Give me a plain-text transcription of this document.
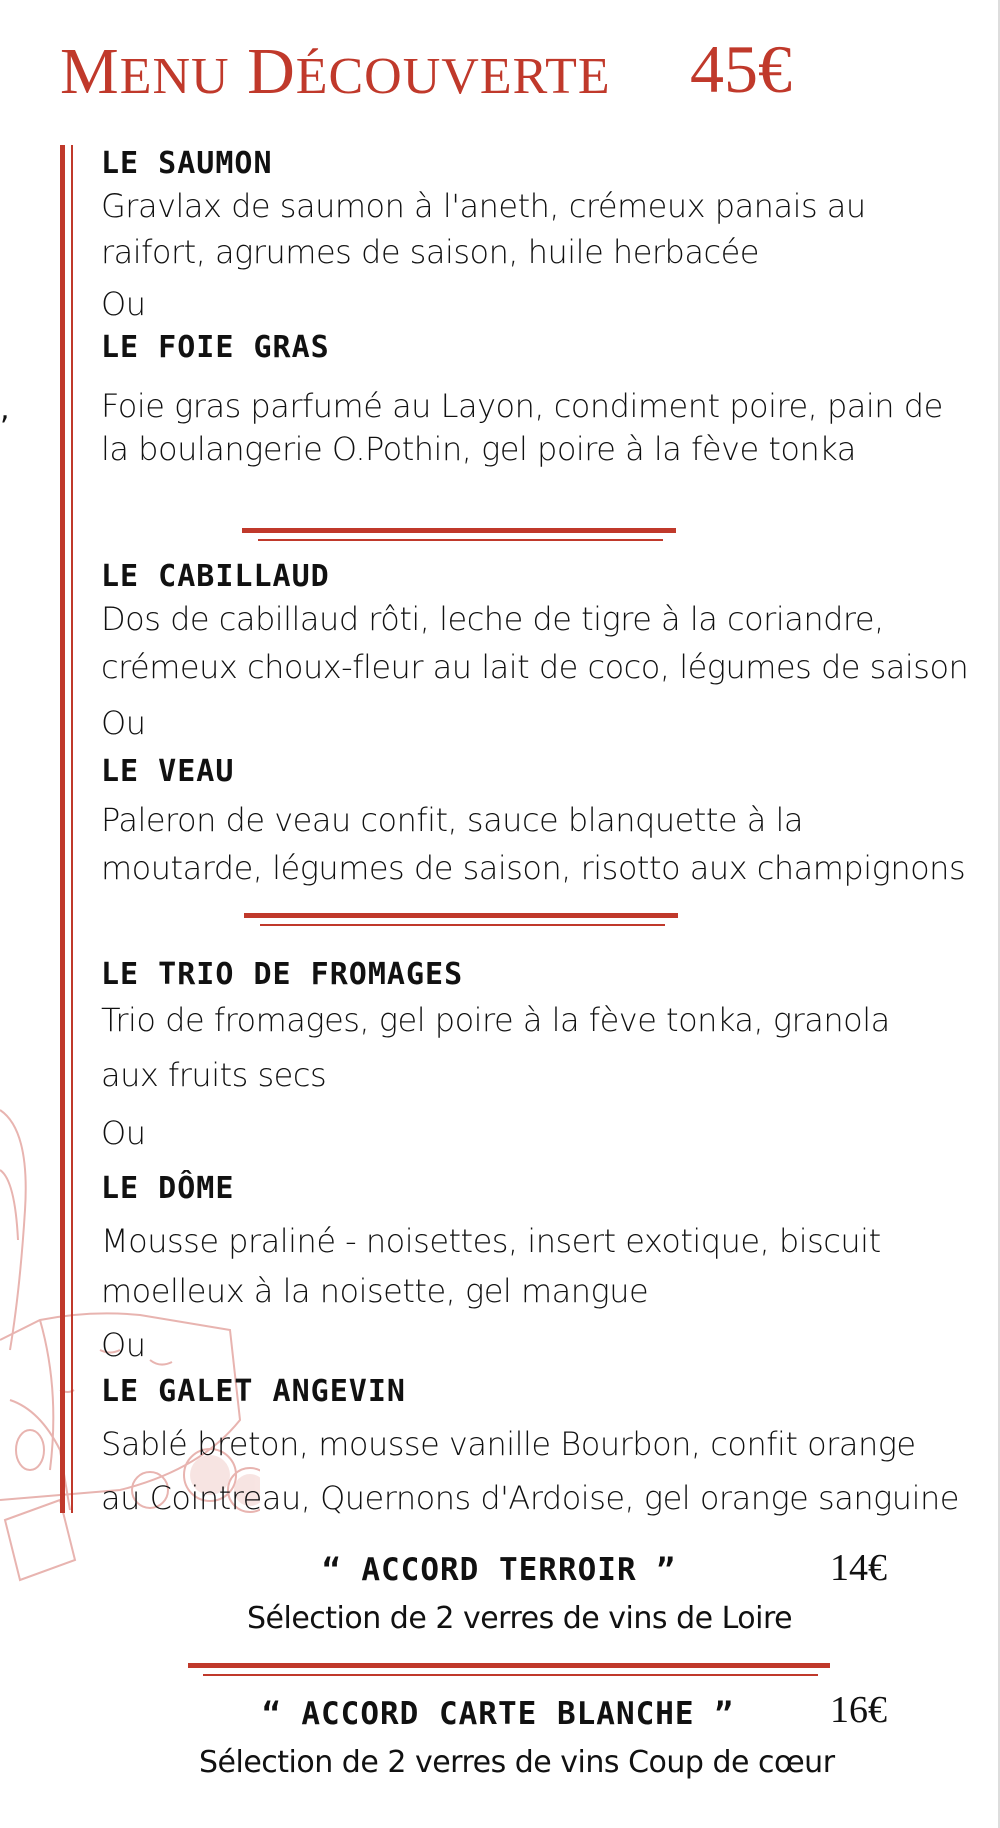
,
MENU DÉCOUVERTE 45€
LE SAUMON
Gravlax de saumon à l'aneth, crémeux panais au
raifort, agrumes de saison, huile herbacée
Ou
LE FOIE GRAS
Foie gras parfumé au Layon, condiment poire, pain de
la boulangerie O.Pothin, gel poire à la fève tonka
LE CABILLAUD
Dos de cabillaud rôti, leche de tigre à la coriandre,
crémeux choux-fleur au lait de coco, légumes de saison
Ou
LE VEAU
Paleron de veau confit, sauce blanquette à la
moutarde, légumes de saison, risotto aux champignons
LE TRIO DE FROMAGES
Trio de fromages, gel poire à la fève tonka, granola
aux fruits secs
Ou
LE DÔME
Mousse praliné - noisettes, insert exotique, biscuit
moelleux à la noisette, gel mangue
Ou
LE GALET ANGEVIN
Sablé breton, mousse vanille Bourbon, confit orange
au Cointreau, Quernons d'Ardoise, gel orange sanguine
“ ACCORD TERROIR ”	14€
Sélection de 2 verres de vins de Loire
“ ACCORD CARTE BLANCHE ”	16€
Sélection de 2 verres de vins Coup de cœur
